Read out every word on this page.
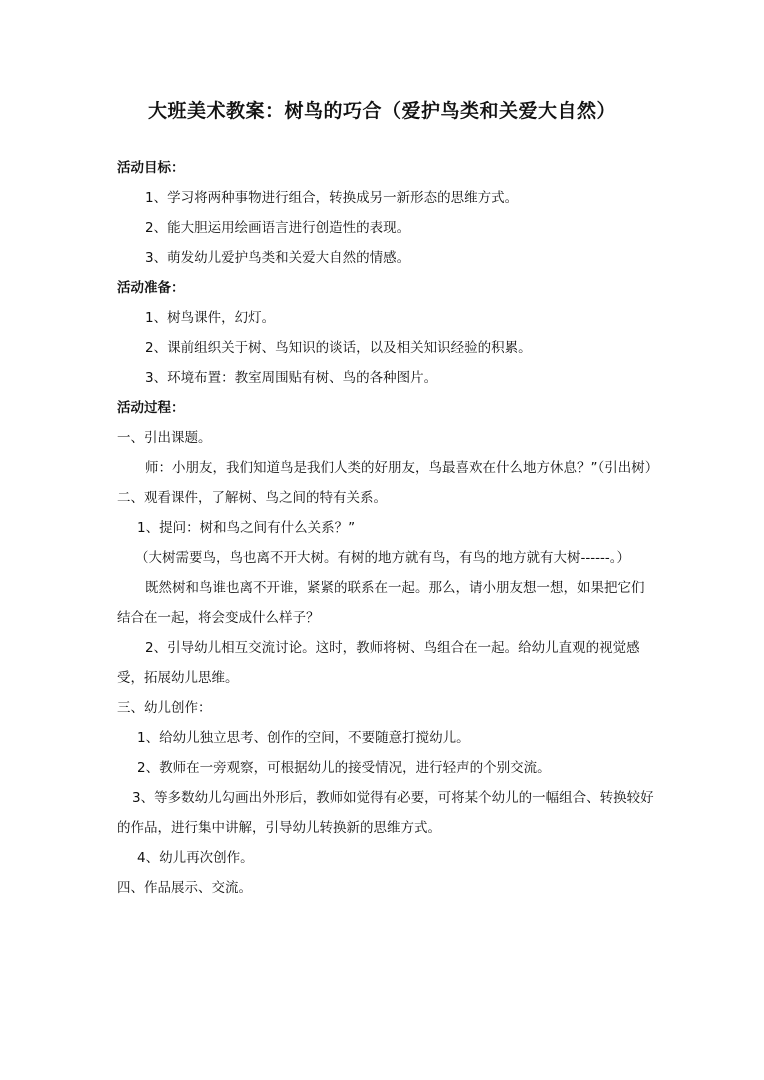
大班美术教案：树鸟的巧合（爱护鸟类和关爱大自然）

活动目标：

1、学习将两种事物进行组合，转换成另一新形态的思维方式。

2、能大胆运用绘画语言进行创造性的表现。

3、萌发幼儿爱护鸟类和关爱大自然的情感。

活动准备：

1、树鸟课件，幻灯。

2、课前组织关于树、鸟知识的谈话，以及相关知识经验的积累。

3、环境布置：教室周围贴有树、鸟的各种图片。

活动过程：

一、引出课题。

师：小朋友，我们知道鸟是我们人类的好朋友，鸟最喜欢在什么地方休息？”（引出树）

二、观看课件，了解树、鸟之间的特有关系。

1、提问：树和鸟之间有什么关系？”

（大树需要鸟，鸟也离不开大树。有树的地方就有鸟，有鸟的地方就有大树------。）

既然树和鸟谁也离不开谁，紧紧的联系在一起。那么，请小朋友想一想，如果把它们结合在一起，将会变成什么样子？

2、引导幼儿相互交流讨论。这时，教师将树、鸟组合在一起。给幼儿直观的视觉感受，拓展幼儿思维。

三、幼儿创作：

1、给幼儿独立思考、创作的空间，不要随意打搅幼儿。

2、教师在一旁观察，可根据幼儿的接受情况，进行轻声的个别交流。

3、等多数幼儿勾画出外形后，教师如觉得有必要，可将某个幼儿的一幅组合、转换较好的作品，进行集中讲解，引导幼儿转换新的思维方式。

4、幼儿再次创作。

四、作品展示、交流。
